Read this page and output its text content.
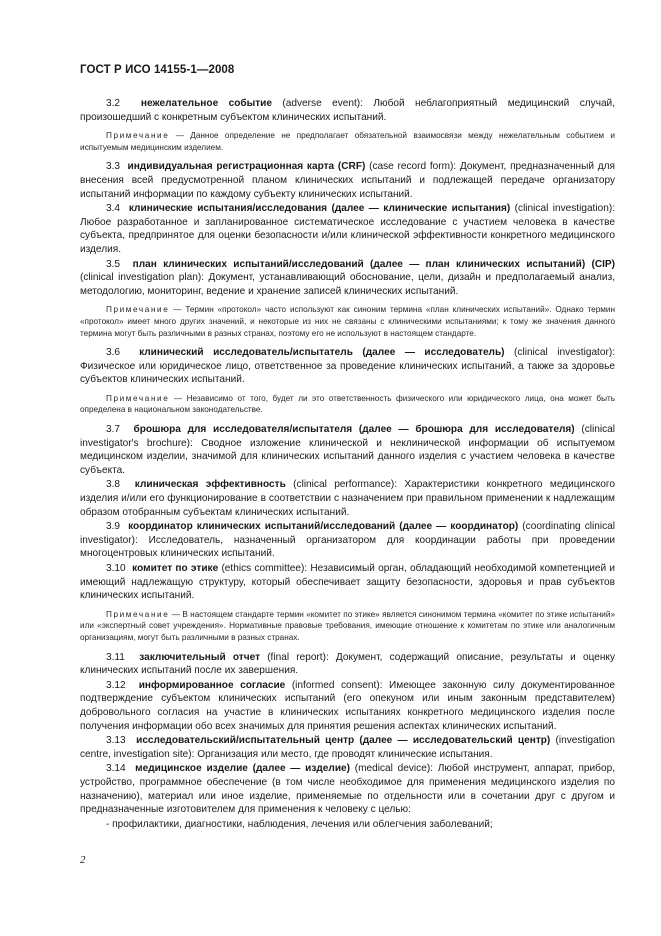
ГОСТ Р ИСО 14155-1—2008

3.2 нежелательное событие (adverse event): Любой неблагоприятный медицинский случай, произошедший с конкретным субъектом клинических испытаний.

Примечание — Данное определение не предполагает обязательной взаимосвязи между нежелательным событием и испытуемым медицинским изделием.

3.3 индивидуальная регистрационная карта (CRF) (case record form): Документ, предназначенный для внесения всей предусмотренной планом клинических испытаний и подлежащей передаче организатору испытаний информации по каждому субъекту клинических испытаний.

3.4 клинические испытания/исследования (далее — клинические испытания) (clinical investigation): Любое разработанное и запланированное систематическое исследование с участием человека в качестве субъекта, предпринятое для оценки безопасности и/или клинической эффективности конкретного медицинского изделия.

3.5 план клинических испытаний/исследований (далее — план клинических испытаний) (CIP) (clinical investigation plan): Документ, устанавливающий обоснование, цели, дизайн и предполагаемый анализ, методологию, мониторинг, ведение и хранение записей клинических испытаний.

Примечание — Термин «протокол» часто используют как синоним термина «план клинических испытаний». Однако термин «протокол» имеет много других значений, и некоторые из них не связаны с клиническими испытаниями; к тому же значения данного термина могут быть различными в разных странах, поэтому его не используют в настоящем стандарте.

3.6 клинический исследователь/испытатель (далее — исследователь) (clinical investigator): Физическое или юридическое лицо, ответственное за проведение клинических испытаний, а также за здоровье субъектов клинических испытаний.

Примечание — Независимо от того, будет ли это ответственность физического или юридического лица, она может быть определена в национальном законодательстве.

3.7 брошюра для исследователя/испытателя (далее — брошюра для исследователя) (clinical investigator's brochure): Сводное изложение клинической и неклинической информации об испытуемом медицинском изделии, значимой для клинических испытаний данного изделия с участием человека в качестве субъекта.

3.8 клиническая эффективность (clinical performance): Характеристики конкретного медицинского изделия и/или его функционирование в соответствии с назначением при правильном применении к надлежащим образом отобранным субъектам клинических испытаний.

3.9 координатор клинических испытаний/исследований (далее — координатор) (coordinating clinical investigator): Исследователь, назначенный организатором для координации работы при проведении многоцентровых клинических испытаний.

3.10 комитет по этике (ethics committee): Независимый орган, обладающий необходимой компетенцией и имеющий надлежащую структуру, который обеспечивает защиту безопасности, здоровья и прав субъектов клинических испытаний.

Примечание — В настоящем стандарте термин «комитет по этике» является синонимом термина «комитет по этике испытаний» или «экспертный совет учреждения». Нормативные правовые требования, имеющие отношение к комитетам по этике или аналогичным организациям, могут быть различными в разных странах.

3.11 заключительный отчет (final report): Документ, содержащий описание, результаты и оценку клинических испытаний после их завершения.

3.12 информированное согласие (informed consent): Имеющее законную силу документированное подтверждение субъектом клинических испытаний (его опекуном или иным законным представителем) добровольного согласия на участие в клинических испытаниях конкретного медицинского изделия после получения информации обо всех значимых для принятия решения аспектах клинических испытаний.

3.13 исследовательский/испытательный центр (далее — исследовательский центр) (investigation centre, investigation site): Организация или место, где проводят клинические испытания.

3.14 медицинское изделие (далее — изделие) (medical device): Любой инструмент, аппарат, прибор, устройство, программное обеспечение (в том числе необходимое для применения медицинского изделия по назначению), материал или иное изделие, применяемые по отдельности или в сочетании друг с другом и предназначенные изготовителем для применения к человеку с целью:

- профилактики, диагностики, наблюдения, лечения или облегчения заболеваний;

2
